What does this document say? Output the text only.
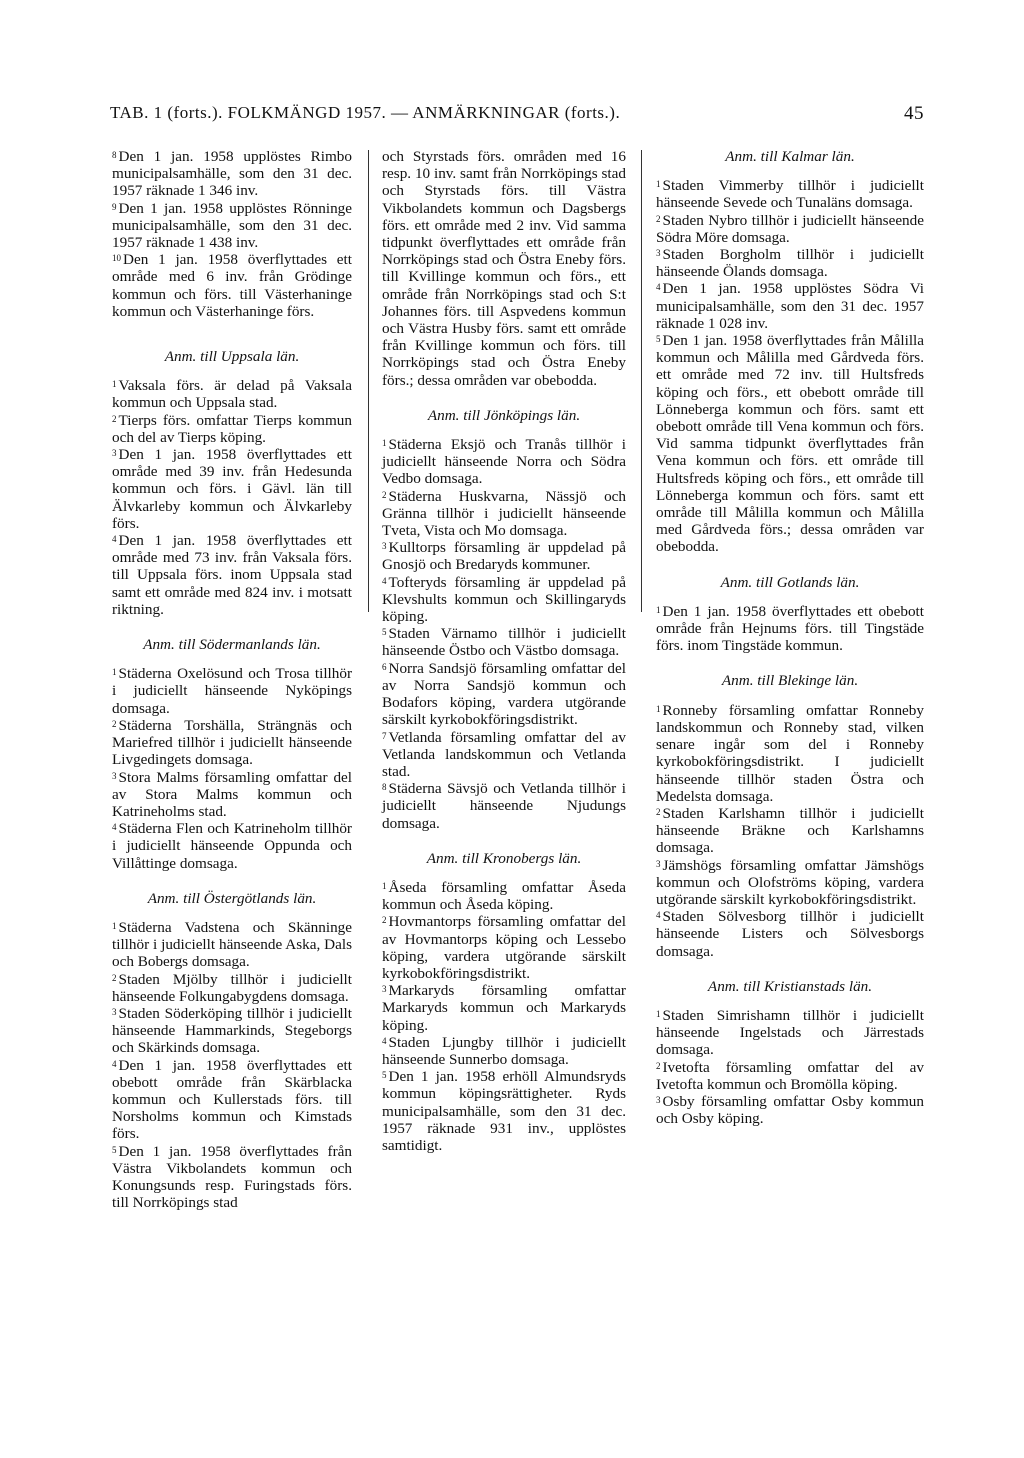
TAB. 1 (forts.). FOLKMÄNGD 1957. — ANMÄRKNINGAR (forts.).	45

$^8$ Den 1 jan. 1958 upplöstes Rimbo municipalsamhälle, som den 31 dec. 1957 räknade 1 346 inv.

$^9$ Den 1 jan. 1958 upplöstes Rönninge municipalsamhälle, som den 31 dec. 1957 räknade 1 438 inv.

$^{10}$ Den 1 jan. 1958 överflyttades ett område med 6 inv. från Grödinge kommun och förs. till Västerhaninge kommun och Västerhaninge förs.

Anm. till Uppsala län.

$^1$ Vaksala förs. är delad på Vaksala kommun och Uppsala stad.

$^2$ Tierps förs. omfattar Tierps kommun och del av Tierps köping.

$^3$ Den 1 jan. 1958 överflyttades ett område med 39 inv. från Hedesunda kommun och förs. i Gävl. län till Älvkarleby kommun och Älvkarleby förs.

$^4$ Den 1 jan. 1958 överflyttades ett område med 73 inv. från Vaksala förs. till Uppsala förs. inom Uppsala stad samt ett område med 824 inv. i motsatt riktning.

Anm. till Södermanlands län.

$^1$ Städerna Oxelösund och Trosa tillhör i judiciellt hänseende Nyköpings domsaga.

$^2$ Städerna Torshälla, Strängnäs och Mariefred tillhör i judiciellt hänseende Livgedingets domsaga.

$^3$ Stora Malms församling omfattar del av Stora Malms kommun och Katrineholms stad.

$^4$ Städerna Flen och Katrineholm tillhör i judiciellt hänseende Oppunda och Villåttinge domsaga.

Anm. till Östergötlands län.

$^1$ Städerna Vadstena och Skänninge tillhör i judiciellt hänseende Aska, Dals och Bobergs domsaga.

$^2$ Staden Mjölby tillhör i judiciellt hänseende Folkungabygdens domsaga.

$^3$ Staden Söderköping tillhör i judiciellt hänseende Hammarkinds, Stegeborgs och Skärkinds domsaga.

$^4$ Den 1 jan. 1958 överflyttades ett obebott område från Skärblacka kommun och Kullerstads förs. till Norsholms kommun och Kimstads förs.

$^5$ Den 1 jan. 1958 överflyttades från Västra Vikbolandets kommun och Konungsunds resp. Furingstads förs. till Norrköpings stad

och Styrstads förs. områden med 16 resp. 10 inv. samt från Norrköpings stad och Styrstads förs. till Västra Vikbolandets kommun och Dagsbergs förs. ett område med 2 inv. Vid samma tidpunkt överflyttades ett område från Norrköpings stad och Östra Eneby förs. till Kvillinge kommun och förs., ett område från Norrköpings stad och S:t Johannes förs. till Aspvedens kommun och Västra Husby förs. samt ett område från Kvillinge kommun och förs. till Norrköpings stad och Östra Eneby förs.; dessa områden var obebodda.

Anm. till Jönköpings län.

$^1$ Städerna Eksjö och Tranås tillhör i judiciellt hänseende Norra och Södra Vedbo domsaga.

$^2$ Städerna Huskvarna, Nässjö och Gränna tillhör i judiciellt hänseende Tveta, Vista och Mo domsaga.

$^3$ Kulltorps församling är uppdelad på Gnosjö och Bredaryds kommuner.

$^4$ Tofteryds församling är uppdelad på Klevshults kommun och Skillingaryds köping.

$^5$ Staden Värnamo tillhör i judiciellt hänseende Östbo och Västbo domsaga.

$^6$ Norra Sandsjö församling omfattar del av Norra Sandsjö kommun och Bodafors köping, vardera utgörande särskilt kyrkobokföringsdistrikt.

$^7$ Vetlanda församling omfattar del av Vetlanda landskommun och Vetlanda stad.

$^8$ Städerna Sävsjö och Vetlanda tillhör i judiciellt hänseende Njudungs domsaga.

Anm. till Kronobergs län.

$^1$ Åseda församling omfattar Åseda kommun och Åseda köping.

$^2$ Hovmantorps församling omfattar del av Hovmantorps köping och Lessebo köping, vardera utgörande särskilt kyrkobokföringsdistrikt.

$^3$ Markaryds församling omfattar Markaryds kommun och Markaryds köping.

$^4$ Staden Ljungby tillhör i judiciellt hänseende Sunnerbo domsaga.

$^5$ Den 1 jan. 1958 erhöll Almundsryds kommun köpingsrättigheter. Ryds municipalsamhälle, som den 31 dec. 1957 räknade 931 inv., upplöstes samtidigt.

Anm. till Kalmar län.

$^1$ Staden Vimmerby tillhör i judiciellt hänseende Sevede och Tunaläns domsaga.

$^2$ Staden Nybro tillhör i judiciellt hänseende Södra Möre domsaga.

$^3$ Staden Borgholm tillhör i judiciellt hänseende Ölands domsaga.

$^4$ Den 1 jan. 1958 upplöstes Södra Vi municipalsamhälle, som den 31 dec. 1957 räknade 1 028 inv.

$^5$ Den 1 jan. 1958 överflyttades från Målilla kommun och Målilla med Gårdveda förs. ett område med 72 inv. till Hultsfreds köping och förs., ett obebott område till Lönneberga kommun och förs. samt ett obebott område till Vena kommun och förs. Vid samma tidpunkt överflyttades från Vena kommun och förs. ett område till Hultsfreds köping och förs., ett område till Lönneberga kommun och förs. samt ett område till Målilla kommun och Målilla med Gårdveda förs.; dessa områden var obebodda.

Anm. till Gotlands län.

$^1$ Den 1 jan. 1958 överflyttades ett obebott område från Hejnums förs. till Tingstäde förs. inom Tingstäde kommun.

Anm. till Blekinge län.

$^1$ Ronneby församling omfattar Ronneby landskommun och Ronneby stad, vilken senare ingår som del i Ronneby kyrkobokföringsdistrikt. I judiciellt hänseende tillhör staden Östra och Medelsta domsaga.

$^2$ Staden Karlshamn tillhör i judiciellt hänseende Bräkne och Karlshamns domsaga.

$^3$ Jämshögs församling omfattar Jämshögs kommun och Olofströms köping, vardera utgörande särskilt kyrkobokföringsdistrikt.

$^4$ Staden Sölvesborg tillhör i judiciellt hänseende Listers och Sölvesborgs domsaga.

Anm. till Kristianstads län.

$^1$ Staden Simrishamn tillhör i judiciellt hänseende Ingelstads och Järrestads domsaga.

$^2$ Ivetofta församling omfattar del av Ivetofta kommun och Bromölla köping.

$^3$ Osby församling omfattar Osby kommun och Osby köping.
